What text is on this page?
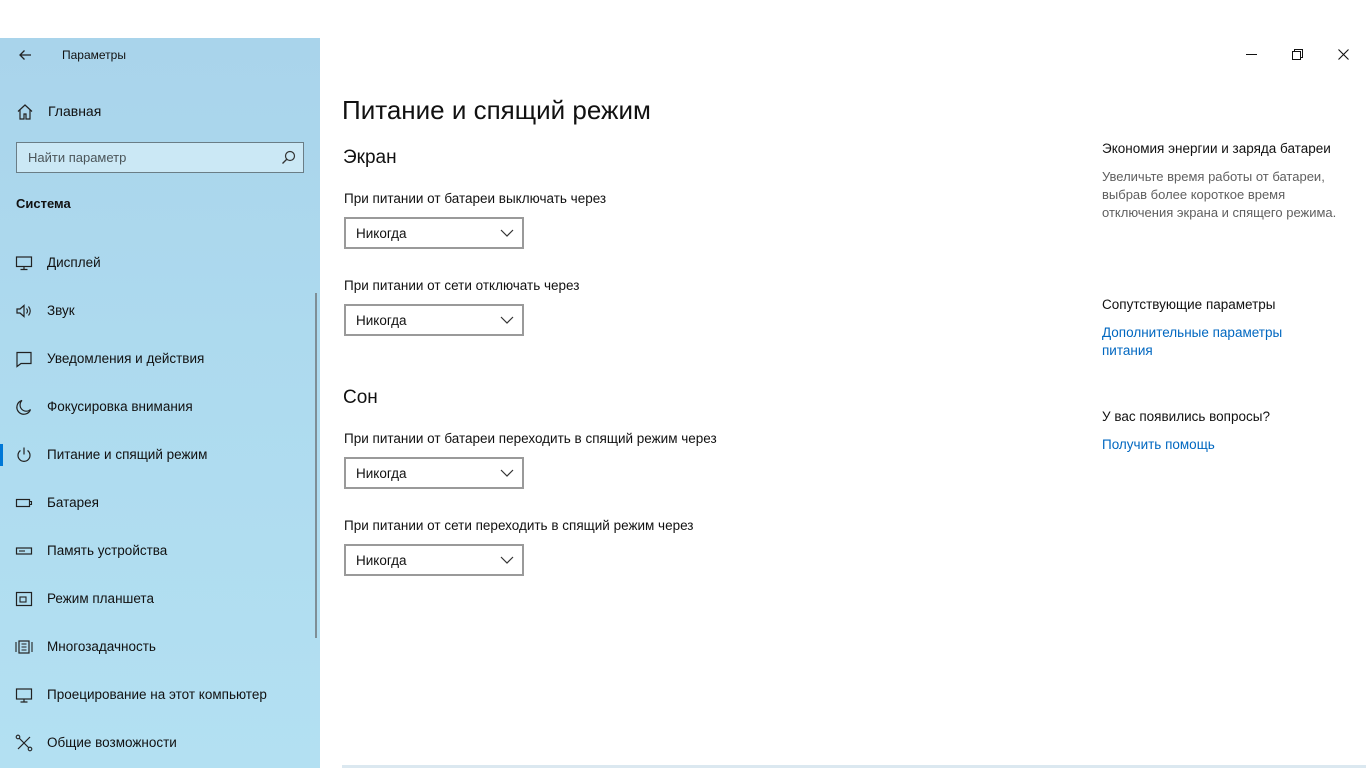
Параметры
Главная
Найти параметр
Система
Дисплей
Звук
Уведомления и действия
Фокусировка внимания
Питание и спящий режим
Батарея
Память устройства
Режим планшета
Многозадачность
Проецирование на этот компьютер
Общие возможности
Питание и спящий режим
Экран
При питании от батареи выключать через
Никогда
При питании от сети отключать через
Никогда
Сон
При питании от батареи переходить в спящий режим через
Никогда
При питании от сети переходить в спящий режим через
Никогда
Экономия энергии и заряда батареи
Увеличьте время работы от батареи, выбрав более короткое время отключения экрана и спящего режима.
Сопутствующие параметры
Дополнительные параметры питания
У вас появились вопросы?
Получить помощь
